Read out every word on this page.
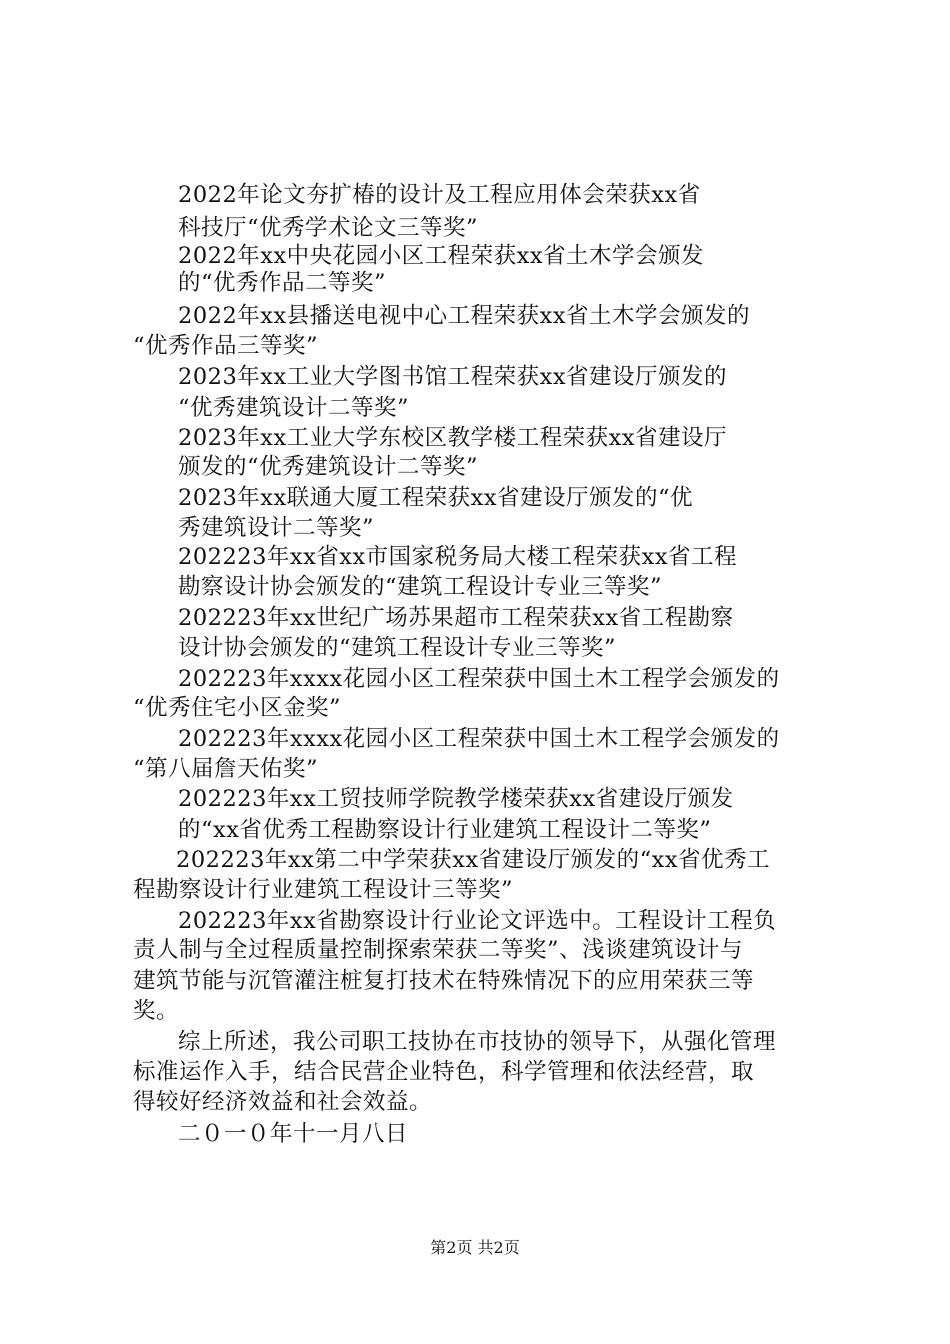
2022年论文夯扩椿的设计及工程应用体会荣获xx省
科技厅“优秀学术论文三等奖”
2022年xx中央花园小区工程荣获xx省土木学会颁发
的“优秀作品二等奖”
2022年xx县播送电视中心工程荣获xx省土木学会颁发的
“优秀作品三等奖”
2023年xx工业大学图书馆工程荣获xx省建设厅颁发的
“优秀建筑设计二等奖”
2023年xx工业大学东校区教学楼工程荣获xx省建设厅
颁发的“优秀建筑设计二等奖”
2023年xx联通大厦工程荣获xx省建设厅颁发的“优
秀建筑设计二等奖”
202223年xx省xx市国家税务局大楼工程荣获xx省工程
勘察设计协会颁发的“建筑工程设计专业三等奖”
202223年xx世纪广场苏果超市工程荣获xx省工程勘察
设计协会颁发的“建筑工程设计专业三等奖”
202223年xxxx花园小区工程荣获中国土木工程学会颁发的
“优秀住宅小区金奖”
202223年xxxx花园小区工程荣获中国土木工程学会颁发的
“第八届詹天佑奖”
202223年xx工贸技师学院教学楼荣获xx省建设厅颁发
的“xx省优秀工程勘察设计行业建筑工程设计二等奖”
202223年xx第二中学荣获xx省建设厅颁发的“xx省优秀工
程勘察设计行业建筑工程设计三等奖”
202223年xx省勘察设计行业论文评选中。工程设计工程负
责人制与全过程质量控制探索荣获二等奖”、浅谈建筑设计与
建筑节能与沉管灌注桩复打技术在特殊情况下的应用荣获三等
奖。
综上所述，我公司职工技协在市技协的领导下，从强化管理
标准运作入手，结合民营企业特色，科学管理和依法经营，取
得较好经济效益和社会效益。
二０一０年十一月八日
第2页 共2页
